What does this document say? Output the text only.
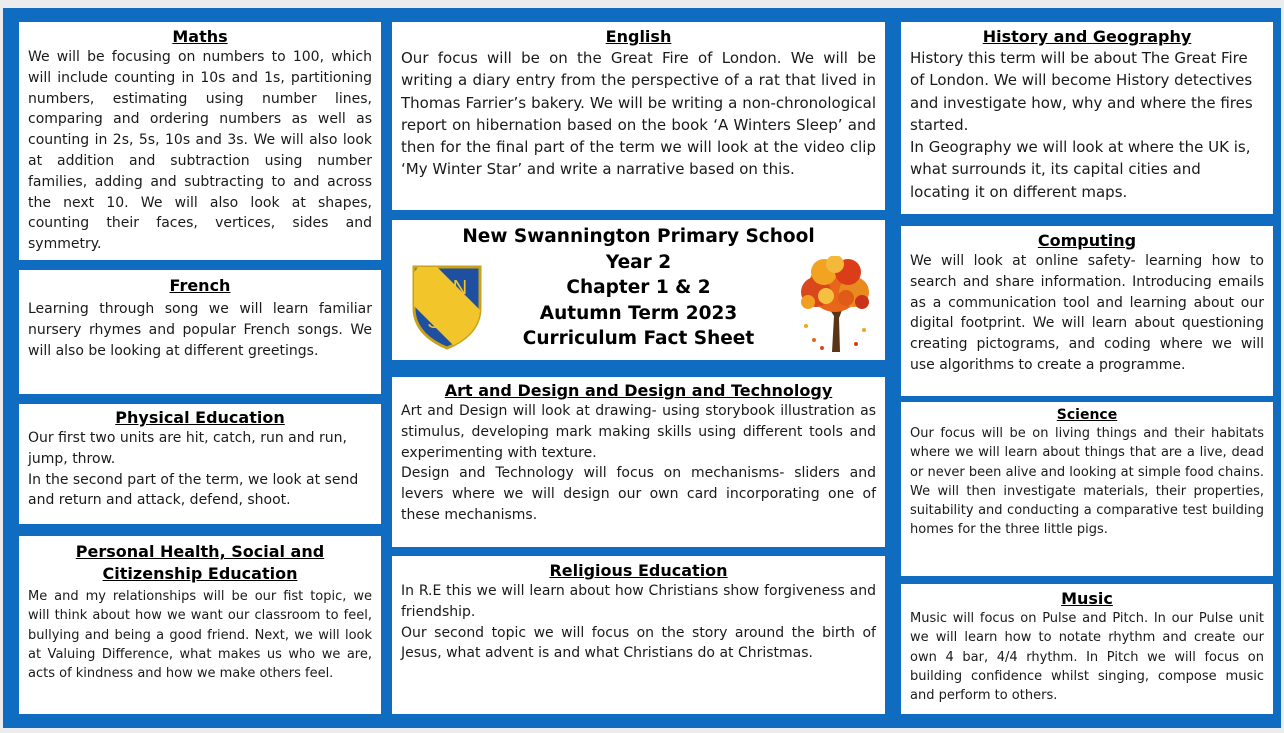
Maths
We will be focusing on numbers to 100, which will include counting in 10s and 1s, partitioning numbers, estimating using number lines, comparing and ordering numbers as well as counting in 2s, 5s, 10s and 3s. We will also look at addition and subtraction using number families, adding and subtracting to and across the next 10. We will also look at shapes, counting their faces, vertices, sides and symmetry.
French
Learning through song we will learn familiar nursery rhymes and popular French songs. We will also be looking at different greetings.
Physical Education

Our first two units are hit, catch, run and run, jump, throw.

In the second part of the term, we look at send and return and attack, defend, shoot.

Personal Health, Social and Citizenship Education
Me and my relationships will be our fist topic, we will think about how we want our classroom to feel, bullying and being a good friend. Next, we will look at Valuing Difference, what makes us who we are, acts of kindness and how we make others feel.
English
Our focus will be on the Great Fire of London. We will be writing a diary entry from the perspective of a rat that lived in Thomas Farrier’s bakery. We will be writing a non-chronological report on hibernation based on the book ‘A Winters Sleep’ and then for the final part of the term we will look at the video clip ‘My Winter Star’ and write a narrative based on this.
New Swannington Primary School
Year 2
Chapter 1 & 2
Autumn Term 2023
Curriculum Fact Sheet
N
S
Art and Design and Design and Technology

Art and Design will look at drawing- using storybook illustration as stimulus, developing mark making skills using different tools and experimenting with texture.

Design and Technology will focus on mechanisms- sliders and levers where we will design our own card incorporating one of these mechanisms.

Religious Education

In R.E this we will learn about how Christians show forgiveness and friendship.

Our second topic we will focus on the story around the birth of Jesus, what advent is and what Christians do at Christmas.

History and Geography

History this term will be about The Great Fire of London. We will become History detectives and investigate how, why and where the fires started.

In Geography we will look at where the UK is, what surrounds it, its capital cities and locating it on different maps.

Computing
We will look at online safety- learning how to search and share information. Introducing emails as a communication tool and learning about our digital footprint. We will learn about questioning creating pictograms, and coding where we will use algorithms to create a programme.
Science
Our focus will be on living things and their habitats where we will learn about things that are a live, dead or never been alive and looking at simple food chains. We will then investigate materials, their properties, suitability and conducting a comparative test building homes for the three little pigs.
Music
Music will focus on Pulse and Pitch. In our Pulse unit we will learn how to notate rhythm and create our own 4 bar, 4/4 rhythm. In Pitch we will focus on building confidence whilst singing, compose music and perform to others.
